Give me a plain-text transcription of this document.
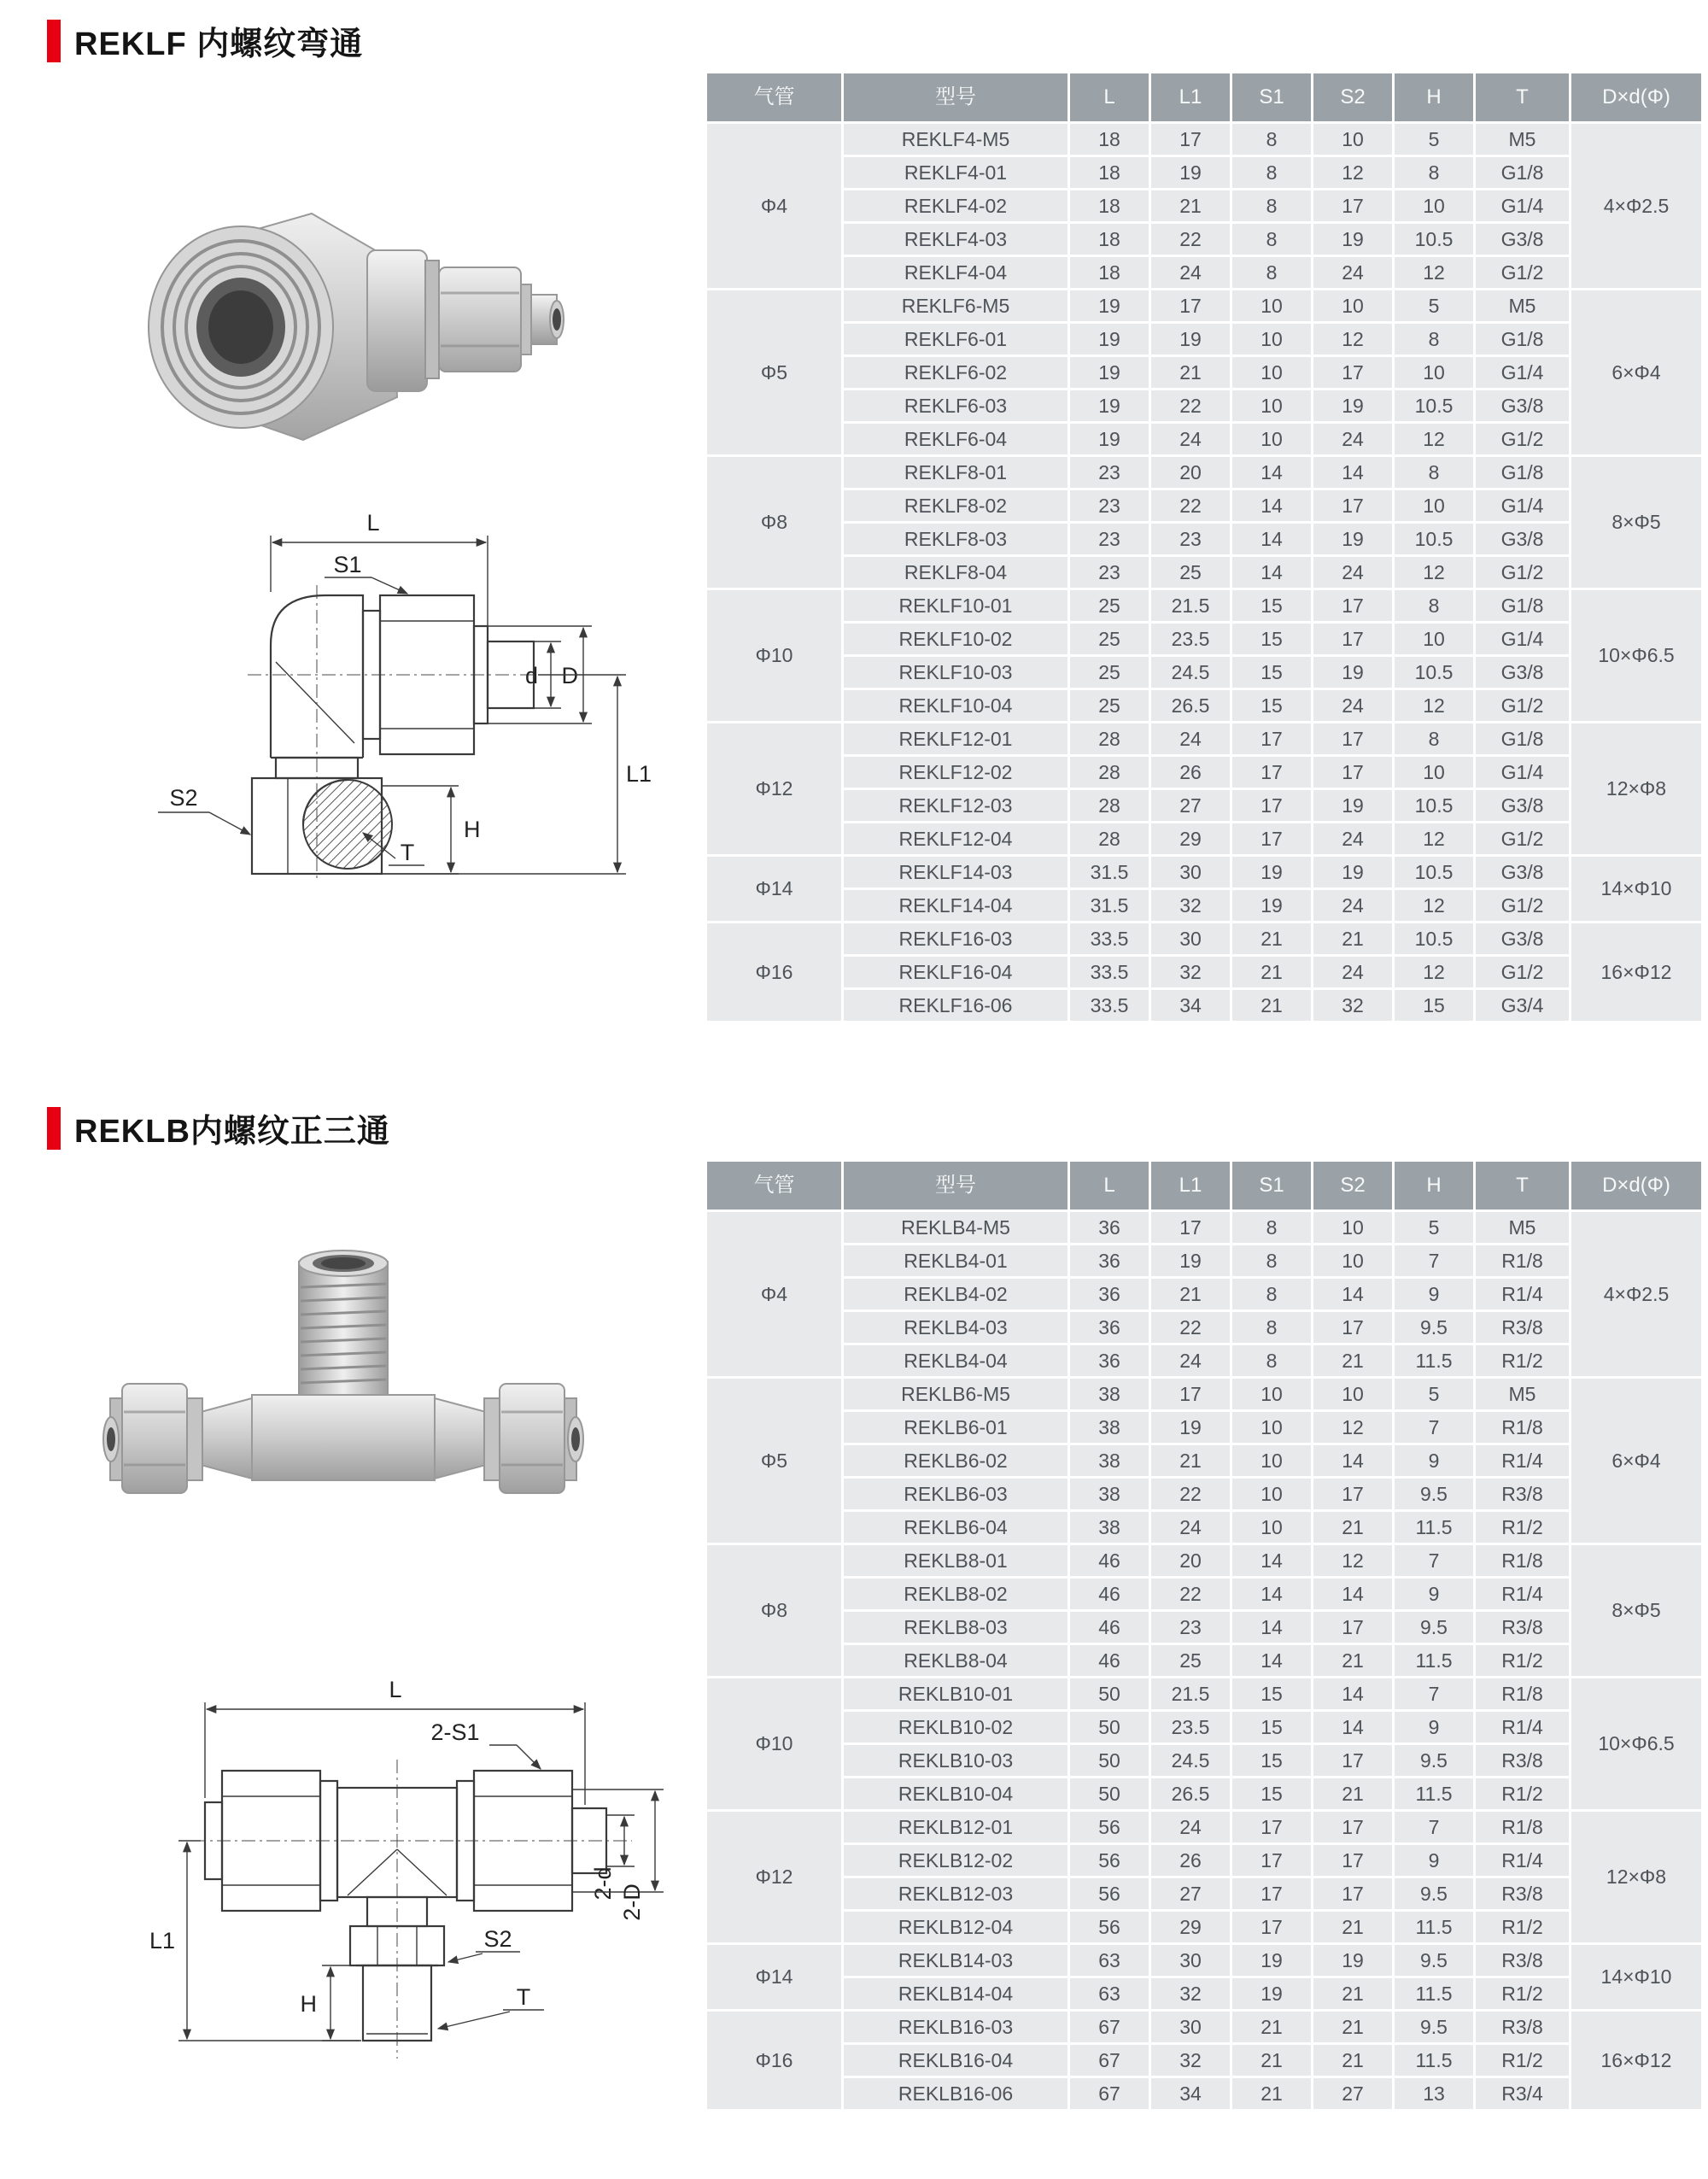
REKLF 内螺纹弯通
L
S1
d D
S2
T
H
L1
气管	型号	L	L1	S1	S2	H	T	D×d(Φ)
Φ4	REKLF4-M5	18	17	8	10	5	M5	4×Φ2.5
	REKLF4-01	18	19	8	12	8	G1/8	
	REKLF4-02	18	21	8	17	10	G1/4	
	REKLF4-03	18	22	8	19	10.5	G3/8	
	REKLF4-04	18	24	8	24	12	G1/2	
Φ5	REKLF6-M5	19	17	10	10	5	M5	6×Φ4
	REKLF6-01	19	19	10	12	8	G1/8	
	REKLF6-02	19	21	10	17	10	G1/4	
	REKLF6-03	19	22	10	19	10.5	G3/8	
	REKLF6-04	19	24	10	24	12	G1/2	
Φ8	REKLF8-01	23	20	14	14	8	G1/8	8×Φ5
	REKLF8-02	23	22	14	17	10	G1/4	
	REKLF8-03	23	23	14	19	10.5	G3/8	
	REKLF8-04	23	25	14	24	12	G1/2	
Φ10	REKLF10-01	25	21.5	15	17	8	G1/8	10×Φ6.5
	REKLF10-02	25	23.5	15	17	10	G1/4	
	REKLF10-03	25	24.5	15	19	10.5	G3/8	
	REKLF10-04	25	26.5	15	24	12	G1/2	
Φ12	REKLF12-01	28	24	17	17	8	G1/8	12×Φ8
	REKLF12-02	28	26	17	17	10	G1/4	
	REKLF12-03	28	27	17	19	10.5	G3/8	
	REKLF12-04	28	29	17	24	12	G1/2	
Φ14	REKLF14-03	31.5	30	19	19	10.5	G3/8	14×Φ10
	REKLF14-04	31.5	32	19	24	12	G1/2	
Φ16	REKLF16-03	33.5	30	21	21	10.5	G3/8	16×Φ12
	REKLF16-04	33.5	32	21	24	12	G1/2	
	REKLF16-06	33.5	34	21	32	15	G3/4	
REKLB内螺纹正三通
L
2-S1
2-d
2-D
S2
T
H
L1
气管	型号	L	L1	S1	S2	H	T	D×d(Φ)
Φ4	REKLB4-M5	36	17	8	10	5	M5	4×Φ2.5
	REKLB4-01	36	19	8	10	7	R1/8	
	REKLB4-02	36	21	8	14	9	R1/4	
	REKLB4-03	36	22	8	17	9.5	R3/8	
	REKLB4-04	36	24	8	21	11.5	R1/2	
Φ5	REKLB6-M5	38	17	10	10	5	M5	6×Φ4
	REKLB6-01	38	19	10	12	7	R1/8	
	REKLB6-02	38	21	10	14	9	R1/4	
	REKLB6-03	38	22	10	17	9.5	R3/8	
	REKLB6-04	38	24	10	21	11.5	R1/2	
Φ8	REKLB8-01	46	20	14	12	7	R1/8	8×Φ5
	REKLB8-02	46	22	14	14	9	R1/4	
	REKLB8-03	46	23	14	17	9.5	R3/8	
	REKLB8-04	46	25	14	21	11.5	R1/2	
Φ10	REKLB10-01	50	21.5	15	14	7	R1/8	10×Φ6.5
	REKLB10-02	50	23.5	15	14	9	R1/4	
	REKLB10-03	50	24.5	15	17	9.5	R3/8	
	REKLB10-04	50	26.5	15	21	11.5	R1/2	
Φ12	REKLB12-01	56	24	17	17	7	R1/8	12×Φ8
	REKLB12-02	56	26	17	17	9	R1/4	
	REKLB12-03	56	27	17	17	9.5	R3/8	
	REKLB12-04	56	29	17	21	11.5	R1/2	
Φ14	REKLB14-03	63	30	19	19	9.5	R3/8	14×Φ10
	REKLB14-04	63	32	19	21	11.5	R1/2	
Φ16	REKLB16-03	67	30	21	21	9.5	R3/8	16×Φ12
	REKLB16-04	67	32	21	21	11.5	R1/2	
	REKLB16-06	67	34	21	27	13	R3/4	
